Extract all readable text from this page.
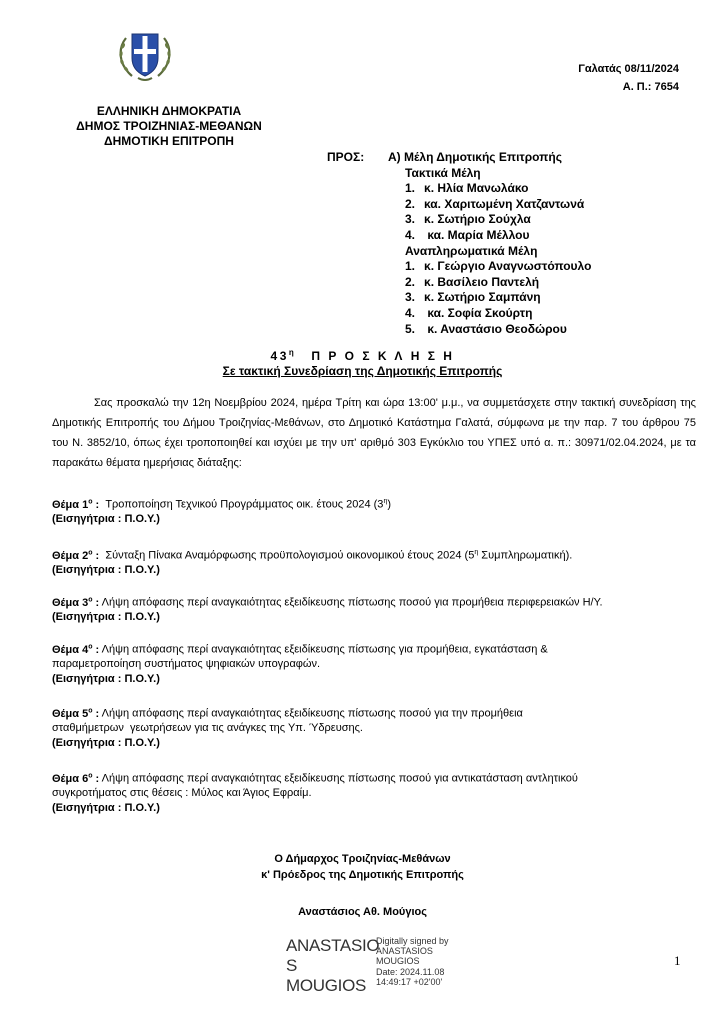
Γαλατάς 08/11/2024
Α. Π.: 7654
ΕΛΛΗΝΙΚΗ ΔΗΜΟΚΡΑΤΙΑ
ΔΗΜΟΣ ΤΡΟΙΖΗΝΙΑΣ-ΜΕΘΑΝΩΝ
ΔΗΜΟΤΙΚΗ ΕΠΙΤΡΟΠΗ
ΠΡΟΣ: Α) Μέλη Δημοτικής Επιτροπής
Τακτικά Μέλη
1. κ. Ηλία Μανωλάκο
2. κα. Χαριτωμένη Χατζαντωνά
3. κ. Σωτήριο Σούχλα
4. κα. Μαρία Μέλλου
Αναπληρωματικά Μέλη
1. κ. Γεώργιο Αναγνωστόπουλο
2. κ. Βασίλειο Παντελή
3. κ. Σωτήριο Σαμπάνη
4. κα. Σοφία Σκούρτη
5. κ. Αναστάσιο Θεοδώρου
$43^\eta$ Π Ρ Ο Σ Κ Λ Η Σ Η
Σε τακτική Συνεδρίαση της Δημοτικής Επιτροπής
Σας προσκαλώ την 12η Νοεμβρίου 2024, ημέρα Τρίτη και ώρα 13:00' μ.μ., να συμμετάσχετε στην τακτική συνεδρίαση της Δημοτικής Επιτροπής του Δήμου Τροιζηνίας-Μεθάνων, στο Δημοτικό Κατάστημα Γαλατά, σύμφωνα με την παρ. 7 του άρθρου 75 του Ν. 3852/10, όπως έχει τροποποιηθεί και ισχύει με την υπ' αριθμό 303 Εγκύκλιο του ΥΠΕΣ υπό α. π.: 30971/02.04.2024, με τα παρακάτω θέματα ημερήσιας διάταξης:
Θέμα $1^o$ : Τροποποίηση Τεχνικού Προγράμματος οικ. έτους 2024 $(3^\eta)$
(Εισηγήτρια : Π.Ο.Υ.)
Θέμα $2^o$ : Σύνταξη Πίνακα Αναμόρφωσης προϋπολογισμού οικονομικού έτους 2024 ($5^\eta$ Συμπληρωματική).
(Εισηγήτρια : Π.Ο.Υ.)
Θέμα $3^o$ : Λήψη απόφασης περί αναγκαιότητας εξειδίκευσης πίστωσης ποσού για προμήθεια περιφερειακών Η/Υ.
(Εισηγήτρια : Π.Ο.Υ.)
Θέμα $4^o$ : Λήψη απόφασης περί αναγκαιότητας εξειδίκευσης πίστωσης για προμήθεια, εγκατάσταση & παραμετροποίηση συστήματος ψηφιακών υπογραφών.
(Εισηγήτρια : Π.Ο.Υ.)
Θέμα $5^o$ : Λήψη απόφασης περί αναγκαιότητας εξειδίκευσης πίστωσης ποσού για την προμήθεια σταθμήμετρων  γεωτρήσεων για τις ανάγκες της Υπ. Ύδρευσης.
(Εισηγήτρια : Π.Ο.Υ.)
Θέμα $6^o$ : Λήψη απόφασης περί αναγκαιότητας εξειδίκευσης πίστωσης ποσού για αντικατάσταση αντλητικού συγκροτήματος στις θέσεις : Μύλος και Άγιος Εφραίμ.
(Εισηγήτρια : Π.Ο.Υ.)
Ο Δήμαρχος Τροιζηνίας-Μεθάνων
κ' Πρόεδρος της Δημοτικής Επιτροπής
Αναστάσιος Αθ. Μούγιος
ANASTASIO
S MOUGIOS
Digitally signed by
ANASTASIOS
MOUGIOS
Date: 2024.11.08
14:49:17 +02'00'
1
